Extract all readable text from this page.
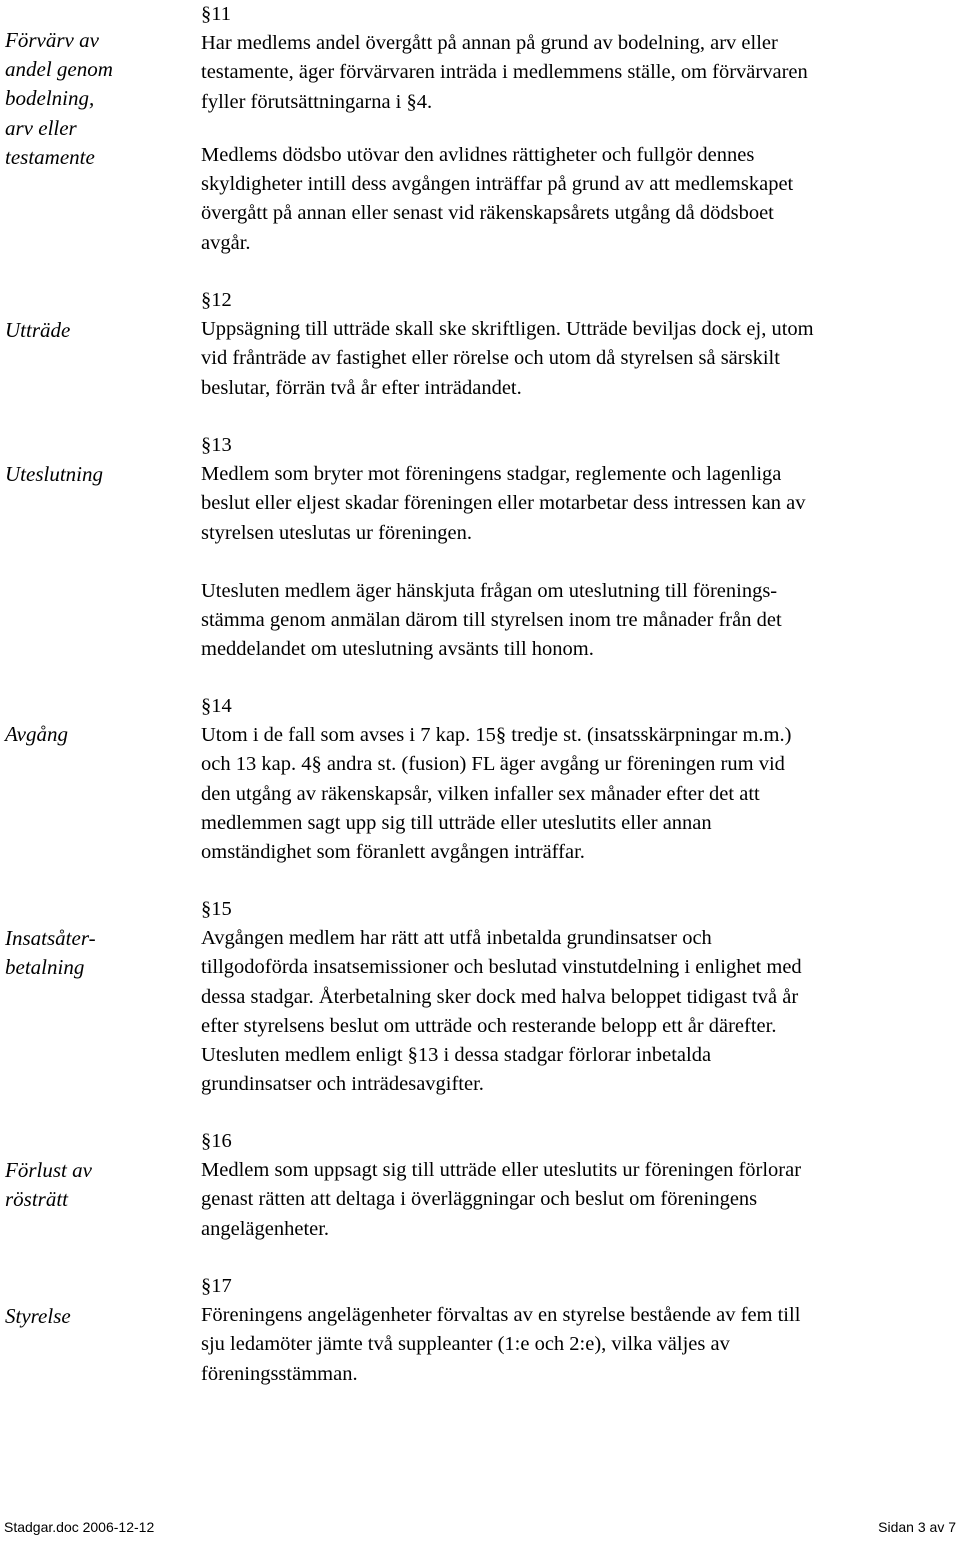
Förvärv av
andel genom
bodelning,
arv eller
testamente
Utträde
Uteslutning
Avgång
Insatsåter-
betalning
Förlust av
rösträtt
Styrelse
§11
Har medlems andel övergått på annan på grund av bodelning, arv eller
testamente, äger förvärvaren inträda i medlemmens ställe, om förvärvaren
fyller förutsättningarna i §4.
Medlems dödsbo utövar den avlidnes rättigheter och fullgör dennes
skyldigheter intill dess avgången inträffar på grund av att medlemskapet
övergått på annan eller senast vid räkenskapsårets utgång då dödsboet
avgår.
§12
Uppsägning till utträde skall ske skriftligen. Utträde beviljas dock ej, utom
vid frånträde av fastighet eller rörelse och utom då styrelsen så särskilt
beslutar, förrän två år efter inträdandet.
§13
Medlem som bryter mot föreningens stadgar, reglemente och lagenliga
beslut eller eljest skadar föreningen eller motarbetar dess intressen kan av
styrelsen uteslutas ur föreningen.
Utesluten medlem äger hänskjuta frågan om uteslutning till förenings-
stämma genom anmälan därom till styrelsen inom tre månader från det
meddelandet om uteslutning avsänts till honom.
§14
Utom i de fall som avses i 7 kap. 15§ tredje st. (insatsskärpningar m.m.)
och 13 kap. 4§ andra st. (fusion) FL äger avgång ur föreningen rum vid
den utgång av räkenskapsår, vilken infaller sex månader efter det att
medlemmen sagt upp sig till utträde eller uteslutits eller annan
omständighet som föranlett avgången inträffar.
§15
Avgången medlem har rätt att utfå inbetalda grundinsatser och
tillgodoförda insatsemissioner och beslutad vinstutdelning i enlighet med
dessa stadgar. Återbetalning sker dock med halva beloppet tidigast två år
efter styrelsens beslut om utträde och resterande belopp ett år därefter.
Utesluten medlem enligt §13 i dessa stadgar förlorar inbetalda
grundinsatser och inträdesavgifter.
§16
Medlem som uppsagt sig till utträde eller uteslutits ur föreningen förlorar
genast rätten att deltaga i överläggningar och beslut om föreningens
angelägenheter.
§17
Föreningens angelägenheter förvaltas av en styrelse bestående av fem till
sju ledamöter jämte två suppleanter (1:e och 2:e), vilka väljes av
föreningsstämman.
Stadgar.doc 2006-12-12	Sidan 3 av 7
